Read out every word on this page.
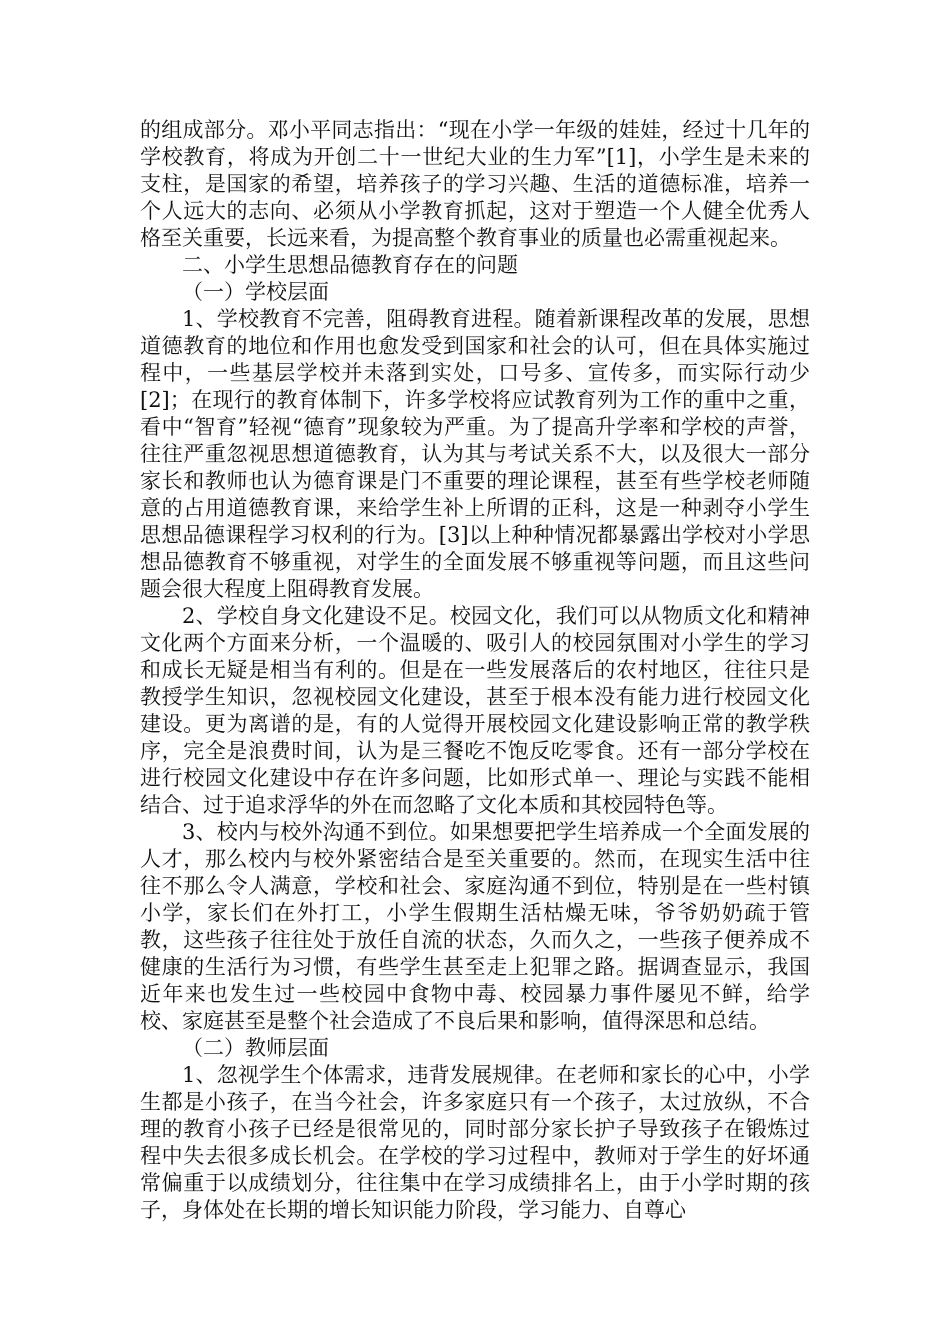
的组成部分。邓小平同志指出：“现在小学一年级的娃娃，经过十几年的学校教育，将成为开创二十一世纪大业的生力军”[1]，小学生是未来的支柱，是国家的希望，培养孩子的学习兴趣、生活的道德标准，培养一个人远大的志向、必须从小学教育抓起，这对于塑造一个人健全优秀人格至关重要，长远来看，为提高整个教育事业的质量也必需重视起来。

二、小学生思想品德教育存在的问题

（一）学校层面

1、学校教育不完善，阻碍教育进程。随着新课程改革的发展，思想道德教育的地位和作用也愈发受到国家和社会的认可，但在具体实施过程中，一些基层学校并未落到实处，口号多、宣传多，而实际行动少[2]；在现行的教育体制下，许多学校将应试教育列为工作的重中之重，看中“智育”轻视“德育”现象较为严重。为了提高升学率和学校的声誉，往往严重忽视思想道德教育，认为其与考试关系不大，以及很大一部分家长和教师也认为德育课是门不重要的理论课程，甚至有些学校老师随意的占用道德教育课，来给学生补上所谓的正科，这是一种剥夺小学生思想品德课程学习权利的行为。[3]以上种种情况都暴露出学校对小学思想品德教育不够重视，对学生的全面发展不够重视等问题，而且这些问题会很大程度上阻碍教育发展。

2、学校自身文化建设不足。校园文化，我们可以从物质文化和精神文化两个方面来分析，一个温暖的、吸引人的校园氛围对小学生的学习和成长无疑是相当有利的。但是在一些发展落后的农村地区，往往只是教授学生知识，忽视校园文化建设，甚至于根本没有能力进行校园文化建设。更为离谱的是，有的人觉得开展校园文化建设影响正常的教学秩序，完全是浪费时间，认为是三餐吃不饱反吃零食。还有一部分学校在进行校园文化建设中存在许多问题，比如形式单一、理论与实践不能相结合、过于追求浮华的外在而忽略了文化本质和其校园特色等。

3、校内与校外沟通不到位。如果想要把学生培养成一个全面发展的人才，那么校内与校外紧密结合是至关重要的。然而，在现实生活中往往不那么令人满意，学校和社会、家庭沟通不到位，特别是在一些村镇小学，家长们在外打工，小学生假期生活枯燥无味，爷爷奶奶疏于管教，这些孩子往往处于放任自流的状态，久而久之，一些孩子便养成不健康的生活行为习惯，有些学生甚至走上犯罪之路。据调查显示，我国近年来也发生过一些校园中食物中毒、校园暴力事件屡见不鲜，给学校、家庭甚至是整个社会造成了不良后果和影响，值得深思和总结。

（二）教师层面

1、忽视学生个体需求，违背发展规律。在老师和家长的心中，小学生都是小孩子，在当今社会，许多家庭只有一个孩子，太过放纵，不合理的教育小孩子已经是很常见的，同时部分家长护子导致孩子在锻炼过程中失去很多成长机会。在学校的学习过程中，教师对于学生的好坏通常偏重于以成绩划分，往往集中在学习成绩排名上，由于小学时期的孩子，身体处在长期的增长知识能力阶段，学习能力、自尊心
